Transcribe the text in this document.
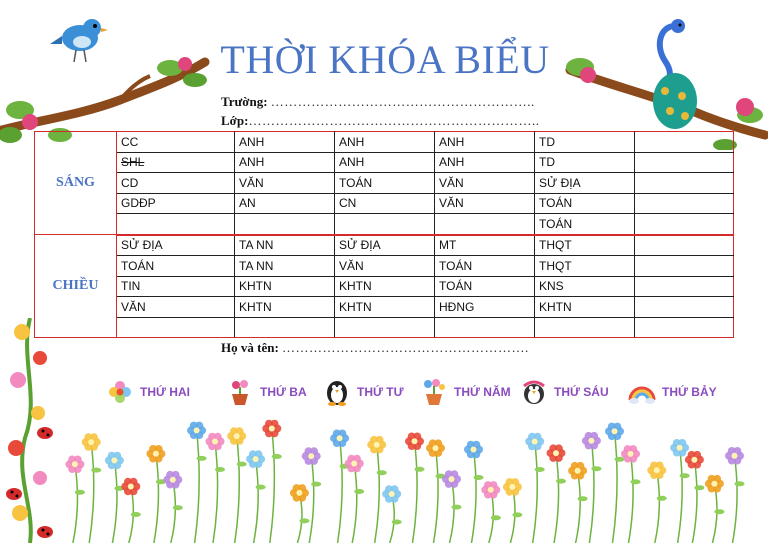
THỜI KHÓA BIỂU
Trường: …………………………………………………..
Lớp:………………………………………………………..
SÁNG	CC	ANH	ANH	ANH	TD	
	SHL	ANH	ANH	ANH	TD	
	CD	VĂN	TOÁN	VĂN	SỬ ĐỊA	
	GDĐP	AN	CN	VĂN	TOÁN	
					TOÁN	
CHIỀU	SỬ ĐỊA	TA NN	SỬ ĐỊA	MT	THQT	
	TOÁN	TA NN	VĂN	TOÁN	THQT	
	TIN	KHTN	KHTN	TOÁN	KNS	
	VĂN	KHTN	KHTN	HĐNG	KHTN	

Họ và tên: ……………………………………………….
THỨ HAI	THỨ BA	THỨ TƯ	THỨ NĂM	THỨ SÁU	THỨ BẢY
